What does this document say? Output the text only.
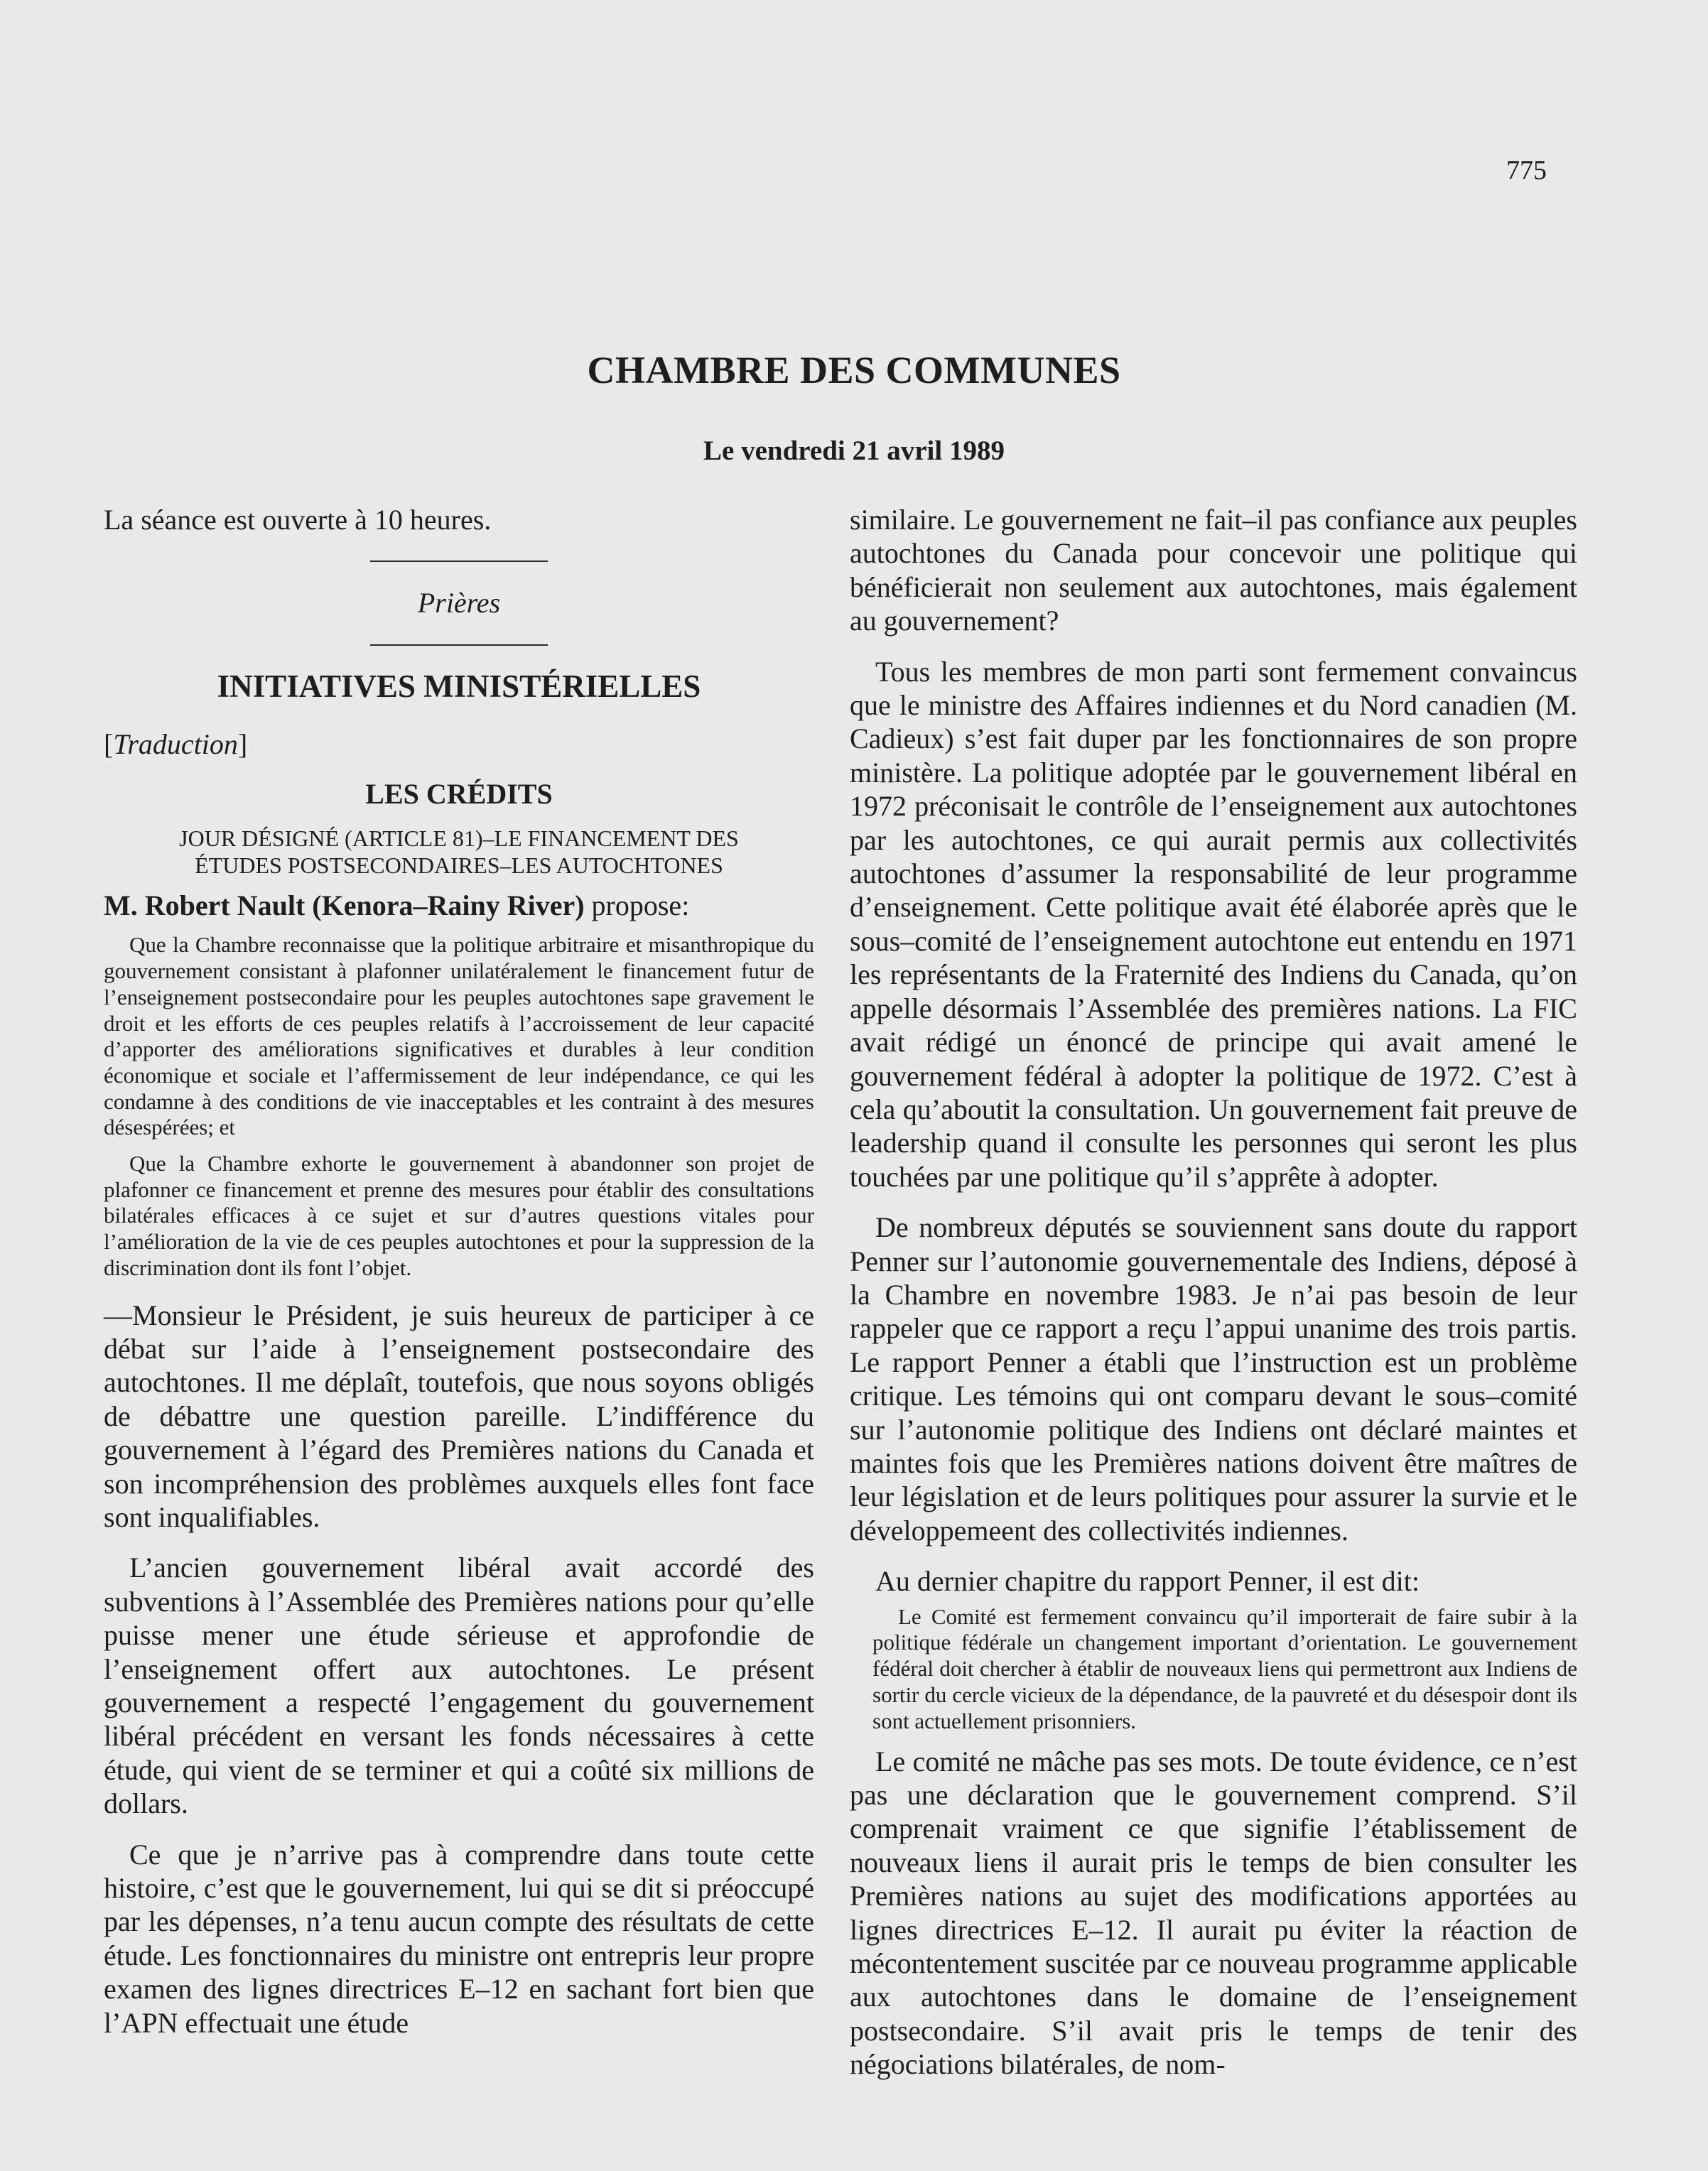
775
CHAMBRE DES COMMUNES
Le vendredi 21 avril 1989

La séance est ouverte à 10 heures.

Prières

INITIATIVES MINISTÉRIELLES

[Traduction]

LES CRÉDITS

JOUR DÉSIGNÉ (ARTICLE 81)–LE FINANCEMENT DES
ÉTUDES POSTSECONDAIRES–LES AUTOCHTONES

M. Robert Nault (Kenora–Rainy River) propose:

Que la Chambre reconnaisse que la politique arbitraire et misanthropique du gouvernement consistant à plafonner unilatéralement le financement futur de l’enseignement postsecondaire pour les peuples autochtones sape gravement le droit et les efforts de ces peuples relatifs à l’accroissement de leur capacité d’apporter des améliorations significatives et durables à leur condition économique et sociale et l’affermissement de leur indépendance, ce qui les condamne à des conditions de vie inacceptables et les contraint à des mesures désespérées; et

Que la Chambre exhorte le gouvernement à abandonner son projet de plafonner ce financement et prenne des mesures pour établir des consultations bilatérales efficaces à ce sujet et sur d’autres questions vitales pour l’amélioration de la vie de ces peuples autochtones et pour la suppression de la discrimination dont ils font l’objet.

—Monsieur le Président, je suis heureux de participer à ce débat sur l’aide à l’enseignement postsecondaire des autochtones. Il me déplaît, toutefois, que nous soyons obligés de débattre une question pareille. L’indifférence du gouvernement à l’égard des Premières nations du Canada et son incompréhension des problèmes auxquels elles font face sont inqualifiables.

L’ancien gouvernement libéral avait accordé des subventions à l’Assemblée des Premières nations pour qu’elle puisse mener une étude sérieuse et approfondie de l’enseignement offert aux autochtones. Le présent gouvernement a respecté l’engagement du gouvernement libéral précédent en versant les fonds nécessaires à cette étude, qui vient de se terminer et qui a coûté six millions de dollars.

Ce que je n’arrive pas à comprendre dans toute cette histoire, c’est que le gouvernement, lui qui se dit si préoccupé par les dépenses, n’a tenu aucun compte des résultats de cette étude. Les fonctionnaires du ministre ont entrepris leur propre examen des lignes directrices E–12 en sachant fort bien que l’APN effectuait une étude

similaire. Le gouvernement ne fait–il pas confiance aux peuples autochtones du Canada pour concevoir une politique qui bénéficierait non seulement aux autochtones, mais également au gouvernement?

Tous les membres de mon parti sont fermement convaincus que le ministre des Affaires indiennes et du Nord canadien (M. Cadieux) s’est fait duper par les fonctionnaires de son propre ministère. La politique adoptée par le gouvernement libéral en 1972 préconisait le contrôle de l’enseignement aux autochtones par les autochtones, ce qui aurait permis aux collectivités autochtones d’assumer la responsabilité de leur programme d’enseignement. Cette politique avait été élaborée après que le sous–comité de l’enseignement autochtone eut entendu en 1971 les représentants de la Fraternité des Indiens du Canada, qu’on appelle désormais l’Assemblée des premières nations. La FIC avait rédigé un énoncé de principe qui avait amené le gouvernement fédéral à adopter la politique de 1972. C’est à cela qu’aboutit la consultation. Un gouvernement fait preuve de leadership quand il consulte les personnes qui seront les plus touchées par une politique qu’il s’apprête à adopter.

De nombreux députés se souviennent sans doute du rapport Penner sur l’autonomie gouvernementale des Indiens, déposé à la Chambre en novembre 1983. Je n’ai pas besoin de leur rappeler que ce rapport a reçu l’appui unanime des trois partis. Le rapport Penner a établi que l’instruction est un problème critique. Les témoins qui ont comparu devant le sous–comité sur l’autonomie politique des Indiens ont déclaré maintes et maintes fois que les Premières nations doivent être maîtres de leur législation et de leurs politiques pour assurer la survie et le développemeent des collectivités indiennes.

Au dernier chapitre du rapport Penner, il est dit:

Le Comité est fermement convaincu qu’il importerait de faire subir à la politique fédérale un changement important d’orientation. Le gouvernement fédéral doit chercher à établir de nouveaux liens qui permettront aux Indiens de sortir du cercle vicieux de la dépendance, de la pauvreté et du désespoir dont ils sont actuellement prisonniers.

Le comité ne mâche pas ses mots. De toute évidence, ce n’est pas une déclaration que le gouvernement comprend. S’il comprenait vraiment ce que signifie l’établissement de nouveaux liens il aurait pris le temps de bien consulter les Premières nations au sujet des modifications apportées au lignes directrices E–12. Il aurait pu éviter la réaction de mécontentement suscitée par ce nouveau programme applicable aux autochtones dans le domaine de l’enseignement postsecondaire. S’il avait pris le temps de tenir des négociations bilatérales, de nom-
